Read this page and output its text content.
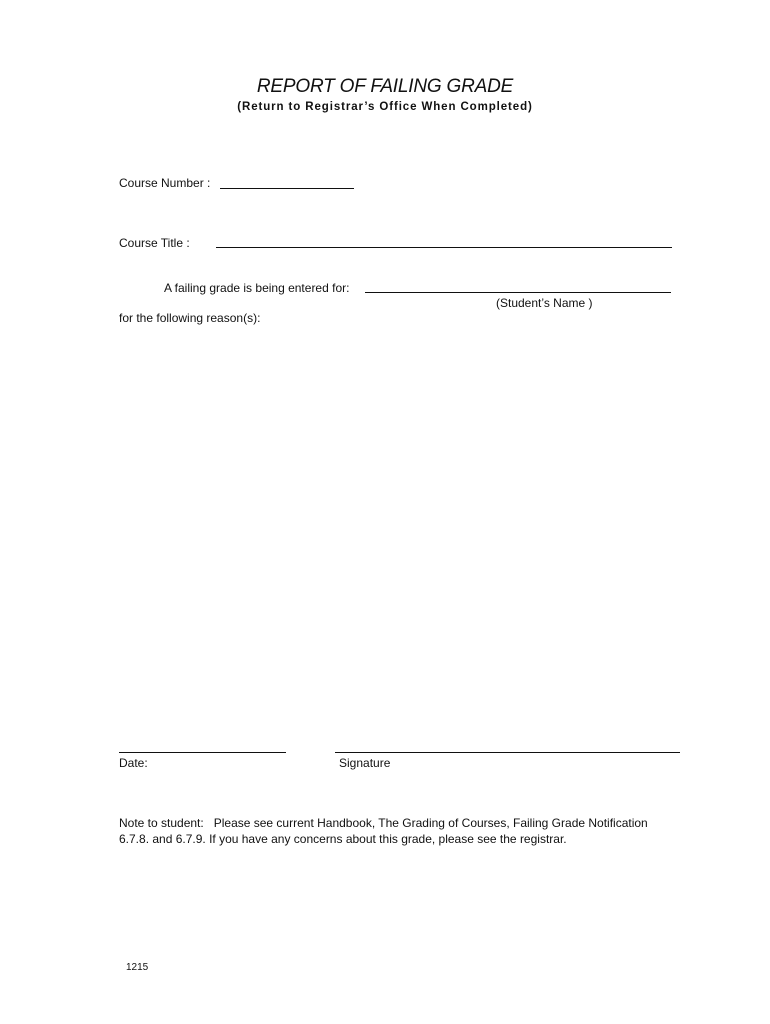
REPORT OF FAILING GRADE
(Return to Registrar’s Office When Completed)
Course Number :
Course Title :
A failing grade is being entered for:
(Student’s Name )
for the following reason(s):
Date:	Signature
Note to student:   Please see current Handbook, The Grading of Courses, Failing Grade Notification
6.7.8. and 6.7.9. If you have any concerns about this grade, please see the registrar.
1215
